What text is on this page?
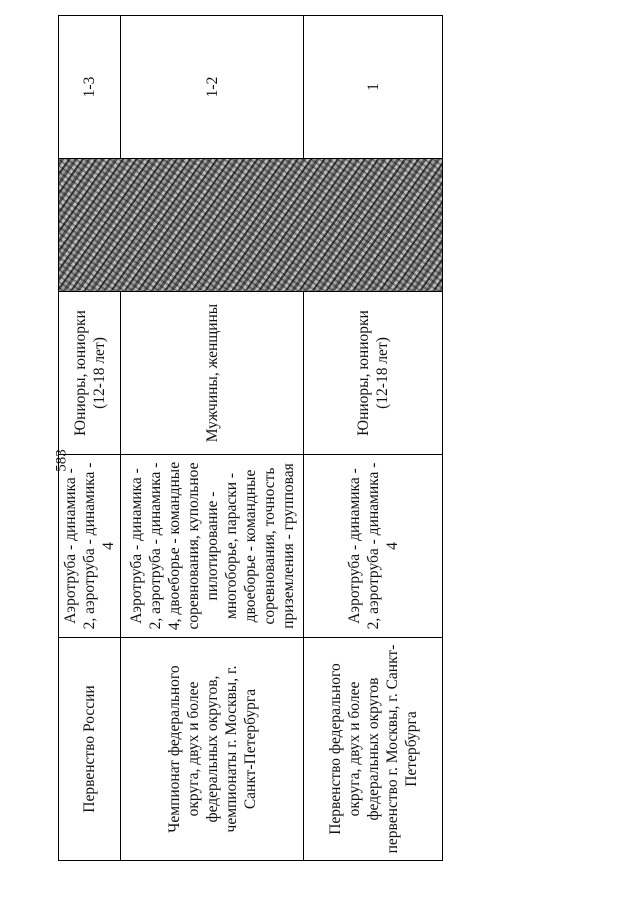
583
Первенство России	Аэротруба - динамика - 2, аэротруба - динамика - 4	Юниоры, юниорки (12-18 лет)		1-3
Чемпионат федерального округа, двух и более федеральных округов, чемпионаты г. Москвы, г. Санкт-Петербурга	Аэротруба - динамика - 2, аэротруба - динамика - 4, двоеборье - командные соревнования, купольное пилотирование - многоборье, параски - двоеборье - командные соревнования, точность приземления - групповая	Мужчины, женщины		1-2
Первенство федерального округа, двух и более федеральных округов первенство г. Москвы, г. Санкт-Петербурга	Аэротруба - динамика - 2, аэротруба - динамика - 4	Юниоры, юниорки (12-18 лет)		1
